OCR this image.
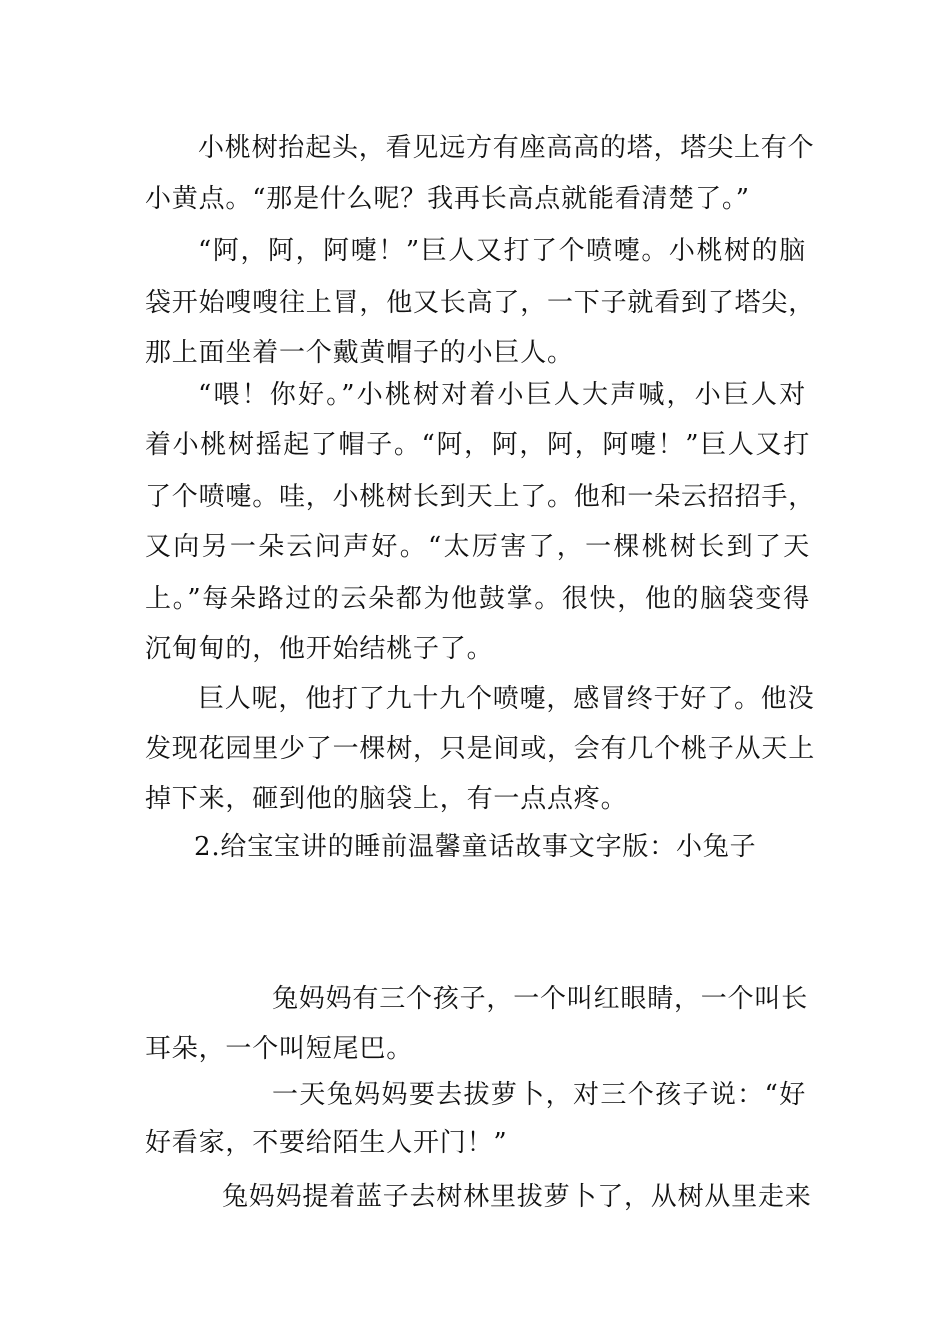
小桃树抬起头，看见远方有座高高的塔，塔尖上有个
小黄点。“那是什么呢？我再长高点就能看清楚了。”
“阿，阿，阿嚏！”巨人又打了个喷嚏。小桃树的脑
袋开始嗖嗖往上冒，他又长高了，一下子就看到了塔尖，
那上面坐着一个戴黄帽子的小巨人。
“喂！你好。”小桃树对着小巨人大声喊，小巨人对
着小桃树摇起了帽子。“阿，阿，阿，阿嚏！”巨人又打
了个喷嚏。哇，小桃树长到天上了。他和一朵云招招手，
又向另一朵云问声好。“太厉害了，一棵桃树长到了天
上。”每朵路过的云朵都为他鼓掌。很快，他的脑袋变得
沉甸甸的，他开始结桃子了。
巨人呢，他打了九十九个喷嚏，感冒终于好了。他没
发现花园里少了一棵树，只是间或，会有几个桃子从天上
掉下来，砸到他的脑袋上，有一点点疼。
2.给宝宝讲的睡前温馨童话故事文字版：小兔子
兔妈妈有三个孩子，一个叫红眼睛，一个叫长
耳朵，一个叫短尾巴。
一天兔妈妈要去拔萝卜，对三个孩子说：“好
好看家，不要给陌生人开门！”
兔妈妈提着蓝子去树林里拔萝卜了，从树从里走来
